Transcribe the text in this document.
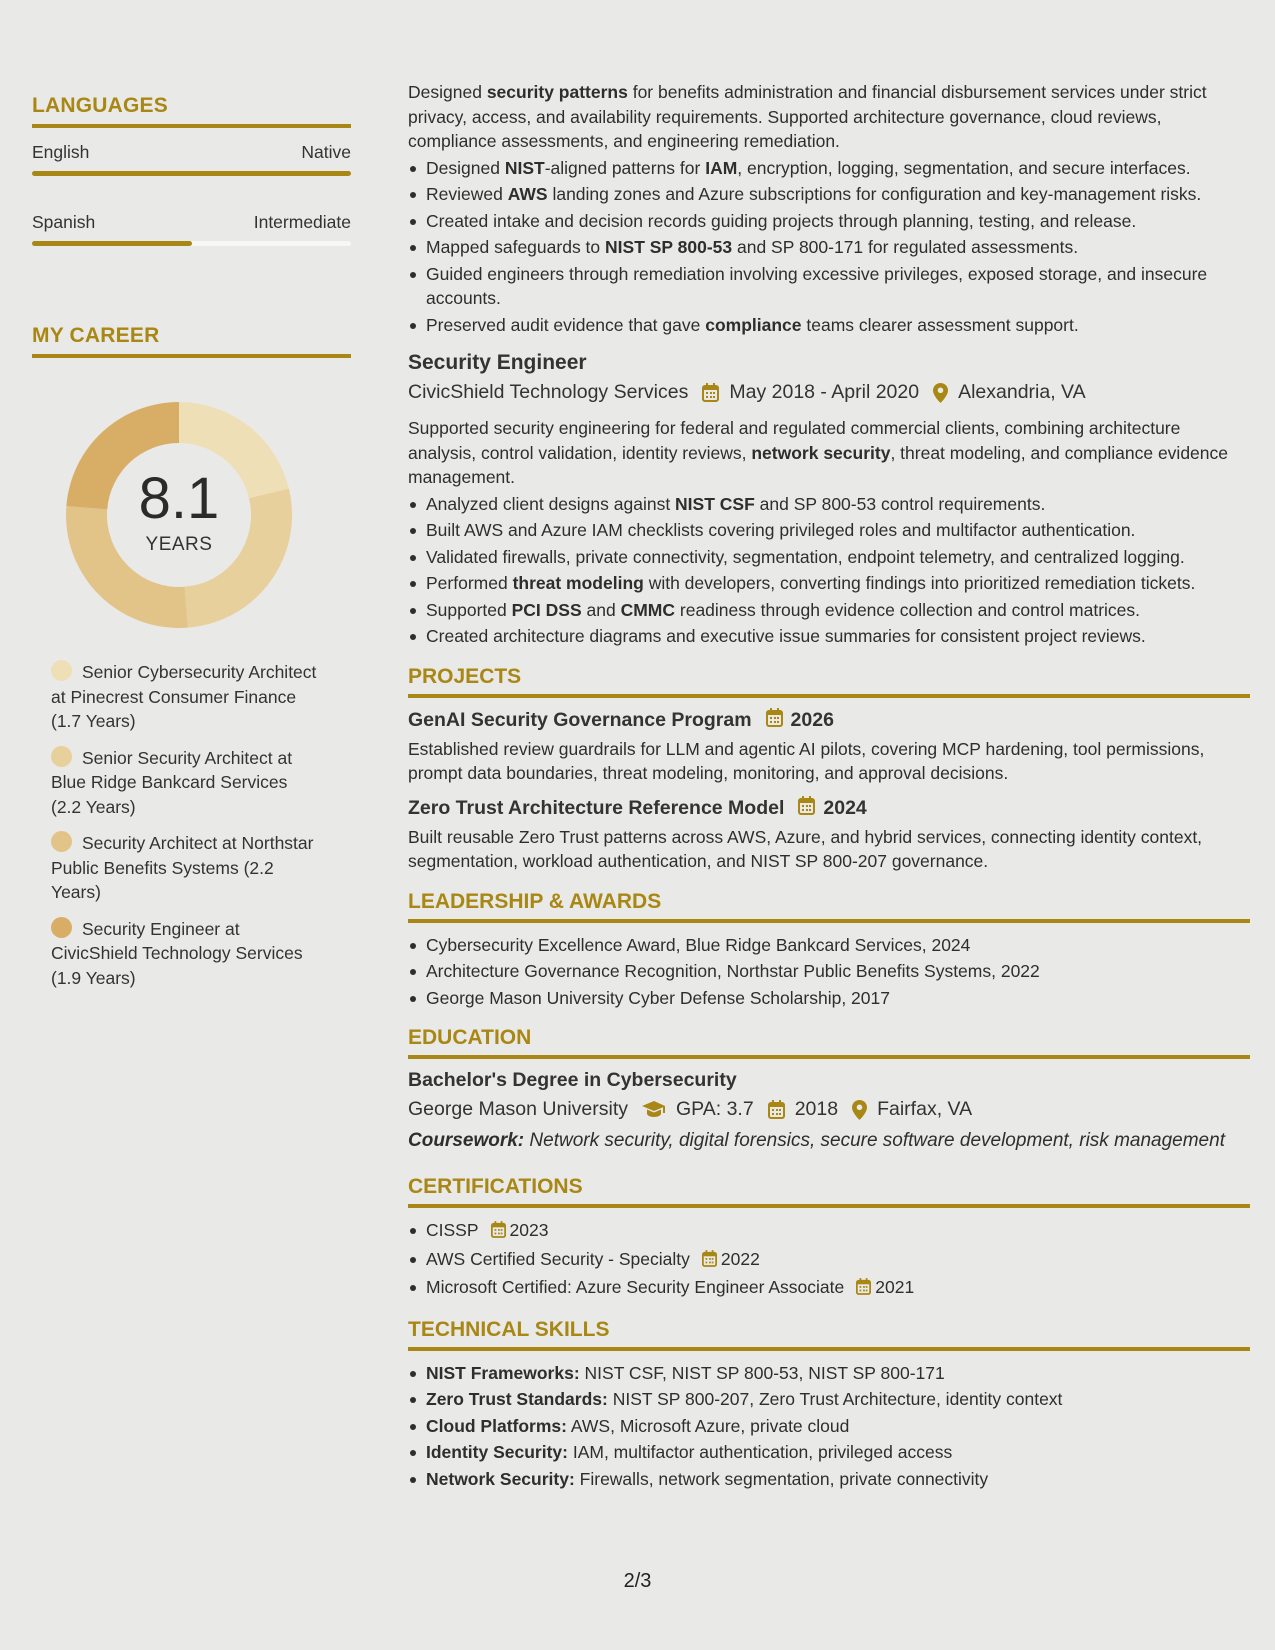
LANGUAGES
English	Native
Spanish	Intermediate
MY CAREER
8.1
YEARS
Senior Cybersecurity Architect at Pinecrest Consumer Finance (1.7 Years)
Senior Security Architect at Blue Ridge Bankcard Services (2.2 Years)
Security Architect at Northstar Public Benefits Systems (2.2 Years)
Security Engineer at CivicShield Technology Services (1.9 Years)
Designed security patterns for benefits administration and financial disbursement services under strict privacy, access, and availability requirements. Supported architecture governance, cloud reviews, compliance assessments, and engineering remediation.
Designed NIST-aligned patterns for IAM, encryption, logging, segmentation, and secure interfaces.
Reviewed AWS landing zones and Azure subscriptions for configuration and key-management risks.
Created intake and decision records guiding projects through planning, testing, and release.
Mapped safeguards to NIST SP 800-53 and SP 800-171 for regulated assessments.
Guided engineers through remediation involving excessive privileges, exposed storage, and insecure accounts.
Preserved audit evidence that gave compliance teams clearer assessment support.
Security Engineer
CivicShield Technology Services May 2018 - April 2020 Alexandria, VA
Supported security engineering for federal and regulated commercial clients, combining architecture analysis, control validation, identity reviews, network security, threat modeling, and compliance evidence management.
Analyzed client designs against NIST CSF and SP 800-53 control requirements.
Built AWS and Azure IAM checklists covering privileged roles and multifactor authentication.
Validated firewalls, private connectivity, segmentation, endpoint telemetry, and centralized logging.
Performed threat modeling with developers, converting findings into prioritized remediation tickets.
Supported PCI DSS and CMMC readiness through evidence collection and control matrices.
Created architecture diagrams and executive issue summaries for consistent project reviews.
PROJECTS
GenAI Security Governance Program 2026
Established review guardrails for LLM and agentic AI pilots, covering MCP hardening, tool permissions, prompt data boundaries, threat modeling, monitoring, and approval decisions.
Zero Trust Architecture Reference Model 2024
Built reusable Zero Trust patterns across AWS, Azure, and hybrid services, connecting identity context, segmentation, workload authentication, and NIST SP 800-207 governance.
LEADERSHIP & AWARDS
Cybersecurity Excellence Award, Blue Ridge Bankcard Services, 2024
Architecture Governance Recognition, Northstar Public Benefits Systems, 2022
George Mason University Cyber Defense Scholarship, 2017
EDUCATION
Bachelor's Degree in Cybersecurity
George Mason University GPA: 3.7 2018 Fairfax, VA
Coursework: Network security, digital forensics, secure software development, risk management
CERTIFICATIONS
CISSP 2023
AWS Certified Security - Specialty 2022
Microsoft Certified: Azure Security Engineer Associate 2021
TECHNICAL SKILLS
NIST Frameworks: NIST CSF, NIST SP 800-53, NIST SP 800-171
Zero Trust Standards: NIST SP 800-207, Zero Trust Architecture, identity context
Cloud Platforms: AWS, Microsoft Azure, private cloud
Identity Security: IAM, multifactor authentication, privileged access
Network Security: Firewalls, network segmentation, private connectivity
2/3
